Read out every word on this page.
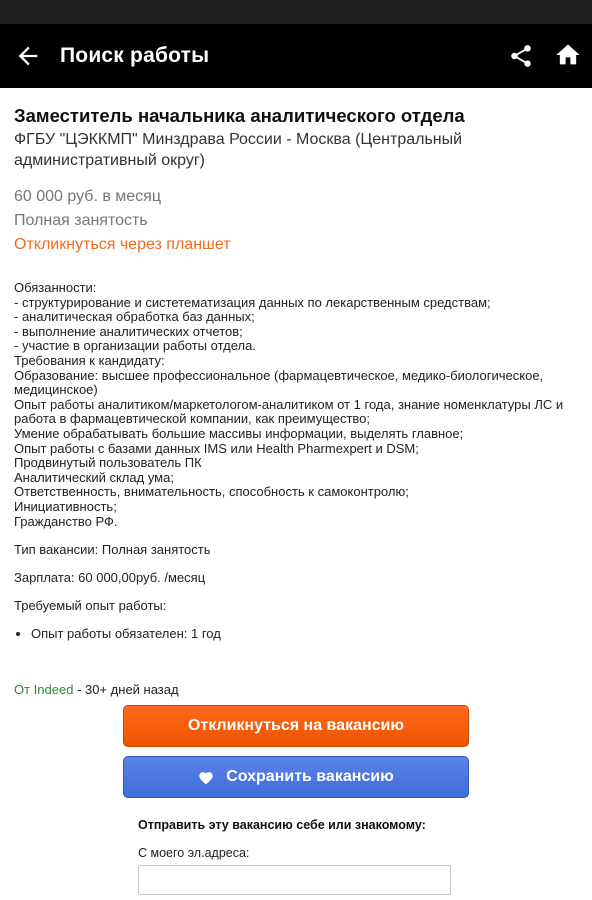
Поиск работы
Заместитель начальника аналитического отдела
ФГБУ "ЦЭККМП" Минздрава России - Москва (Центральный административный округ)
60 000 руб. в месяц
Полная занятость
Откликнуться через планшет
Обязанности:
- структурирование и систетематизация данных по лекарственным средствам;
- аналитическая обработка баз данных;
- выполнение аналитических отчетов;
- участие в организации работы отдела.
Требования к кандидату:
Образование: высшее профессиональное (фармацевтическое, медико-биологическое, медицинское)
Опыт работы аналитиком/маркетологом-аналитиком от 1 года, знание номенклатуры ЛС и работа в фармацевтической компании, как преимущество;
Умение обрабатывать большие массивы информации, выделять главное;
Опыт работы с базами данных IMS или Health Pharmexpert и DSM;
Продвинутый пользователь ПК
Аналитический склад ума;
Ответственность, внимательность, способность к самоконтролю;
Инициативность;
Гражданство РФ.
Тип вакансии: Полная занятость
Зарплата: 60 000,00руб. /месяц
Требуемый опыт работы:
• Опыт работы обязателен: 1 год
От Indeed - 30+ дней назад
Откликнуться на вакансию
Сохранить вакансию
Отправить эту вакансию себе или знакомому:
С моего эл.адреса:
